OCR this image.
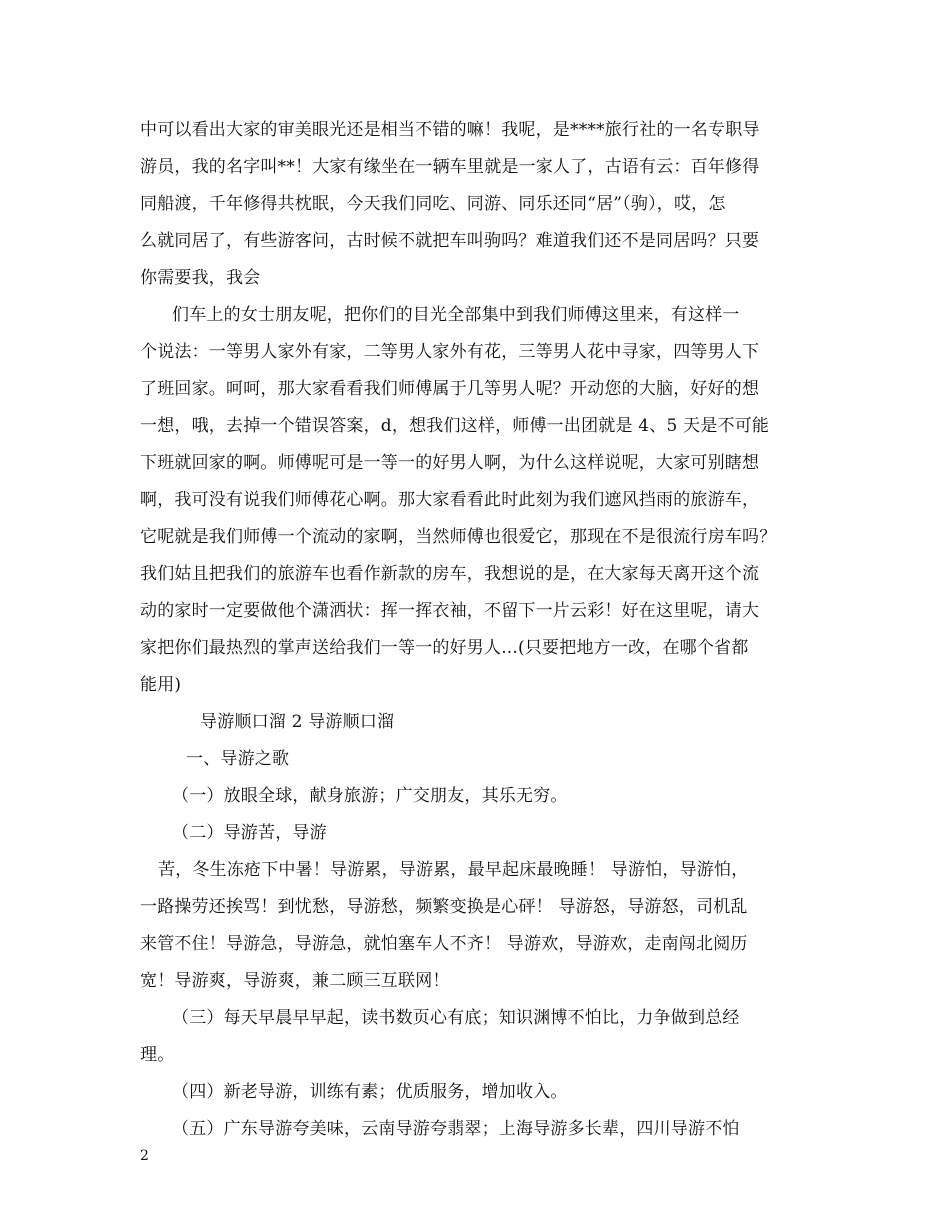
中可以看出大家的审美眼光还是相当不错的嘛！我呢，是****旅行社的一名专职导
游员，我的名字叫**！大家有缘坐在一辆车里就是一家人了，古语有云：百年修得
同船渡，千年修得共枕眠，今天我们同吃、同游、同乐还同“居”（驹），哎，怎
么就同居了，有些游客问，古时候不就把车叫驹吗？难道我们还不是同居吗？只要
你需要我，我会
们车上的女士朋友呢，把你们的目光全部集中到我们师傅这里来，有这样一
个说法：一等男人家外有家，二等男人家外有花，三等男人花中寻家，四等男人下
了班回家。呵呵，那大家看看我们师傅属于几等男人呢？开动您的大脑，好好的想
一想，哦，去掉一个错误答案，d，想我们这样，师傅一出团就是 4、5 天是不可能
下班就回家的啊。师傅呢可是一等一的好男人啊，为什么这样说呢，大家可别瞎想
啊，我可没有说我们师傅花心啊。那大家看看此时此刻为我们遮风挡雨的旅游车，
它呢就是我们师傅一个流动的家啊，当然师傅也很爱它，那现在不是很流行房车吗？
我们姑且把我们的旅游车也看作新款的房车，我想说的是，在大家每天离开这个流
动的家时一定要做他个潇洒状：挥一挥衣袖，不留下一片云彩！好在这里呢，请大
家把你们最热烈的掌声送给我们一等一的好男人...(只要把地方一改，在哪个省都
能用)
导游顺口溜 2 导游顺口溜
一、导游之歌
（一）放眼全球，献身旅游；广交朋友，其乐无穷。
（二）导游苦，导游
苦，冬生冻疮下中暑！导游累，导游累，最早起床最晚睡！ 导游怕，导游怕，
一路操劳还挨骂！到忧愁，导游愁，频繁变换是心砰！ 导游怒，导游怒，司机乱
来管不住！导游急，导游急，就怕塞车人不齐！ 导游欢，导游欢，走南闯北阅历
宽！导游爽，导游爽，兼二顾三互联网！
（三）每天早晨早早起，读书数页心有底；知识渊博不怕比，力争做到总经
理。
（四）新老导游，训练有素；优质服务，增加收入。
（五）广东导游夸美味，云南导游夸翡翠；上海导游多长辈，四川导游不怕
2
